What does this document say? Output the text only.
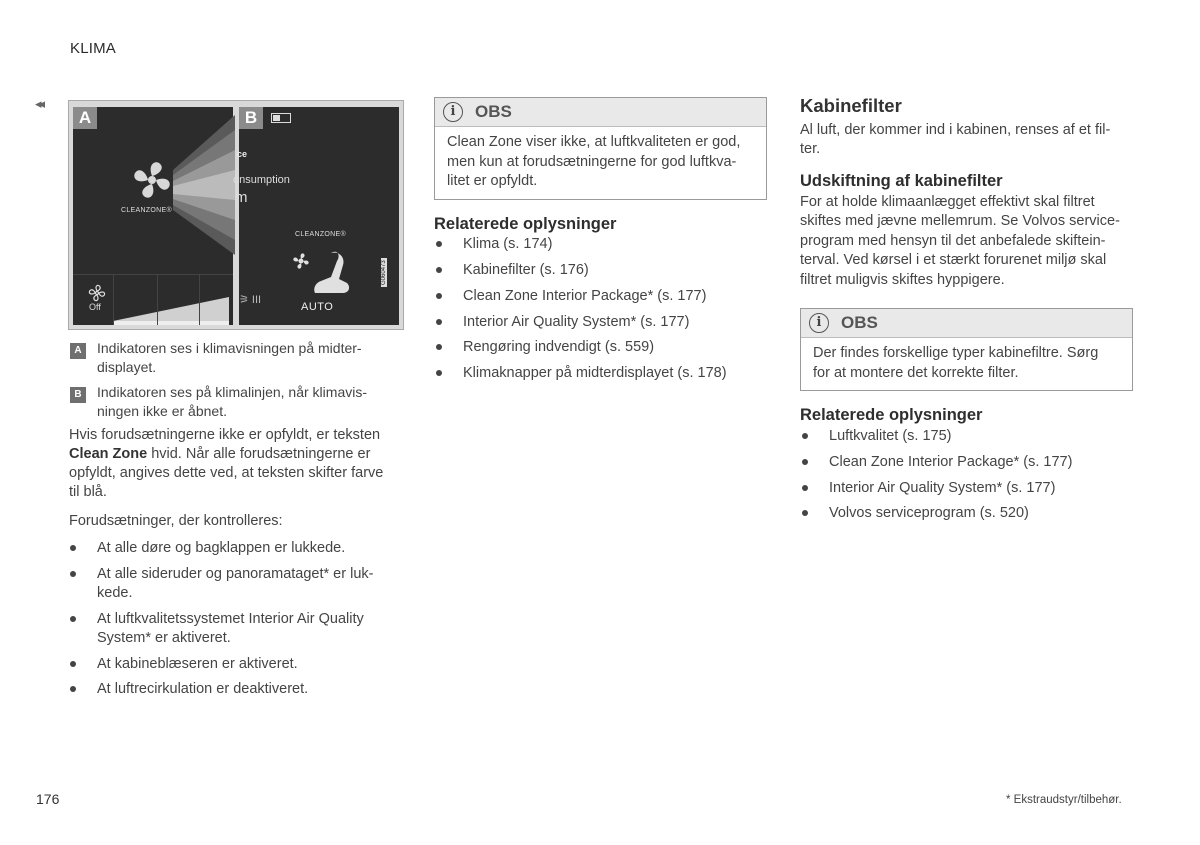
KLIMA
◂◂
A
CLEANZONE®
Off
B
ce
onsumption
m
CLEANZONE®
AUTO
⚞ III
G060473
A	Indikatoren ses i klimavisningen på midter-
displayet.
B	Indikatoren ses på klimalinjen, når klimavis-
ningen ikke er åbnet.
Hvis forudsætningerne ikke er opfyldt, er teksten
Clean Zone hvid. Når alle forudsætningerne er
opfyldt, angives dette ved, at teksten skifter farve
til blå.
Forudsætninger, der kontrolleres:
At alle døre og bagklappen er lukkede.
At alle sideruder og panoramataget* er luk-
kede.
At luftkvalitetssystemet Interior Air Quality
System* er aktiveret.
At kabineblæseren er aktiveret.
At luftrecirkulation er deaktiveret.
i	OBS
Clean Zone viser ikke, at luftkvaliteten er god,
men kun at forudsætningerne for god luftkva-
litet er opfyldt.
Relaterede oplysninger
Klima (s. 174)
Kabinefilter (s. 176)
Clean Zone Interior Package* (s. 177)
Interior Air Quality System* (s. 177)
Rengøring indvendigt (s. 559)
Klimaknapper på midterdisplayet (s. 178)
Kabinefilter
Al luft, der kommer ind i kabinen, renses af et fil-
ter.
Udskiftning af kabinefilter
For at holde klimaanlægget effektivt skal filtret
skiftes med jævne mellemrum. Se Volvos service-
program med hensyn til det anbefalede skiftein-
terval. Ved kørsel i et stærkt forurenet miljø skal
filtret muligvis skiftes hyppigere.
i	OBS
Der findes forskellige typer kabinefiltre. Sørg
for at montere det korrekte filter.
Relaterede oplysninger
Luftkvalitet (s. 175)
Clean Zone Interior Package* (s. 177)
Interior Air Quality System* (s. 177)
Volvos serviceprogram (s. 520)
176	* Ekstraudstyr/tilbehør.
